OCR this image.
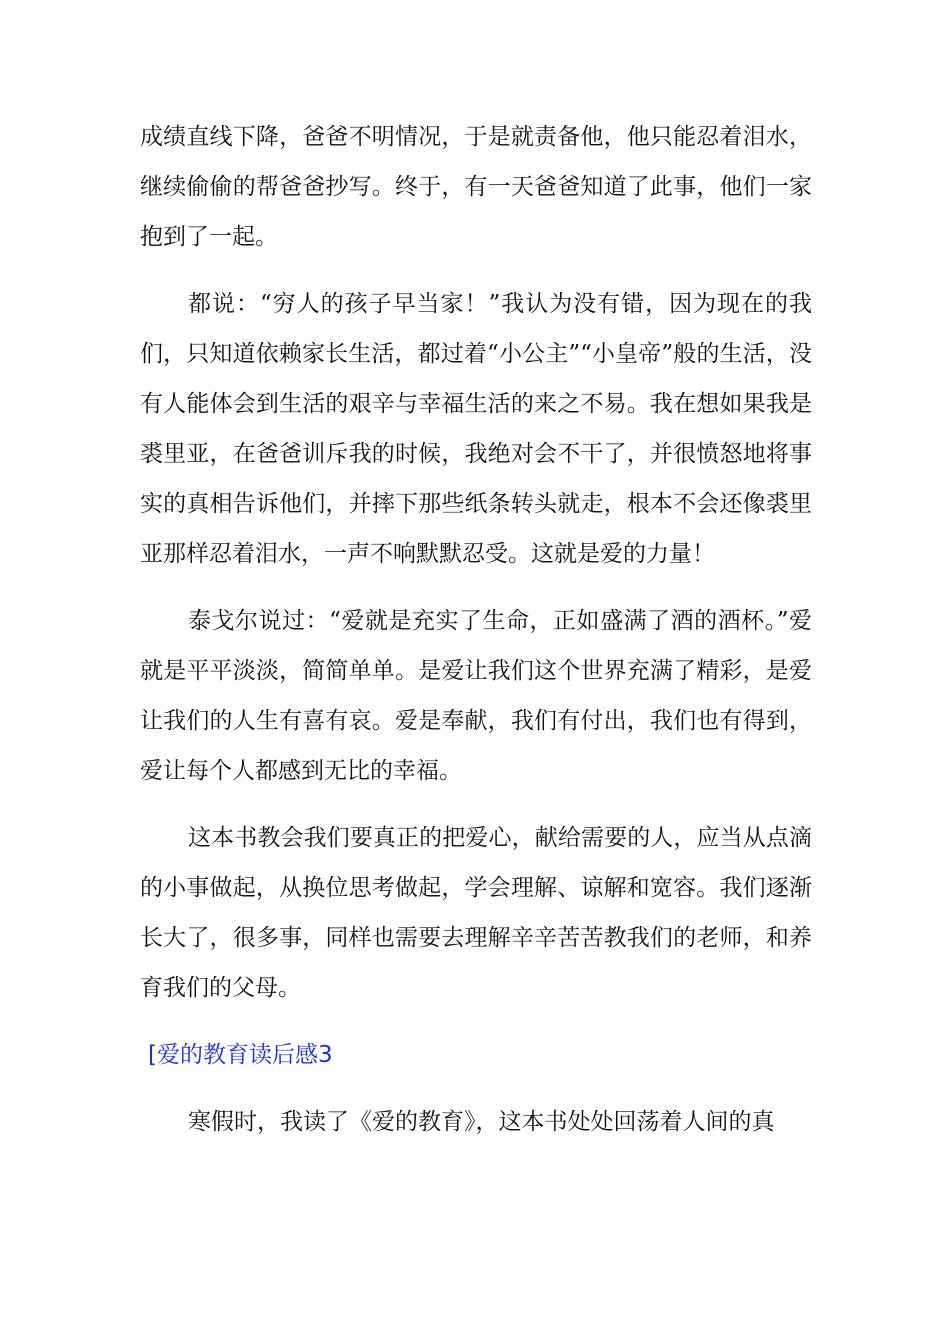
成绩直线下降，爸爸不明情况，于是就责备他，他只能忍着泪水，继续偷偷的帮爸爸抄写。终于，有一天爸爸知道了此事，他们一家抱到了一起。

都说：“穷人的孩子早当家！”我认为没有错，因为现在的我们，只知道依赖家长生活，都过着“小公主”“小皇帝”般的生活，没有人能体会到生活的艰辛与幸福生活的来之不易。我在想如果我是裘里亚，在爸爸训斥我的时候，我绝对会不干了，并很愤怒地将事实的真相告诉他们，并摔下那些纸条转头就走，根本不会还像裘里亚那样忍着泪水，一声不响默默忍受。这就是爱的力量！

泰戈尔说过：“爱就是充实了生命，正如盛满了酒的酒杯。”爱就是平平淡淡，简简单单。是爱让我们这个世界充满了精彩，是爱让我们的人生有喜有哀。爱是奉献，我们有付出，我们也有得到，爱让每个人都感到无比的幸福。

这本书教会我们要真正的把爱心，献给需要的人，应当从点滴的小事做起，从换位思考做起，学会理解、谅解和宽容。我们逐渐长大了，很多事，同样也需要去理解辛辛苦苦教我们的老师，和养育我们的父母。

[爱的教育读后感3

寒假时，我读了《爱的教育》，这本书处处回荡着人间的真
